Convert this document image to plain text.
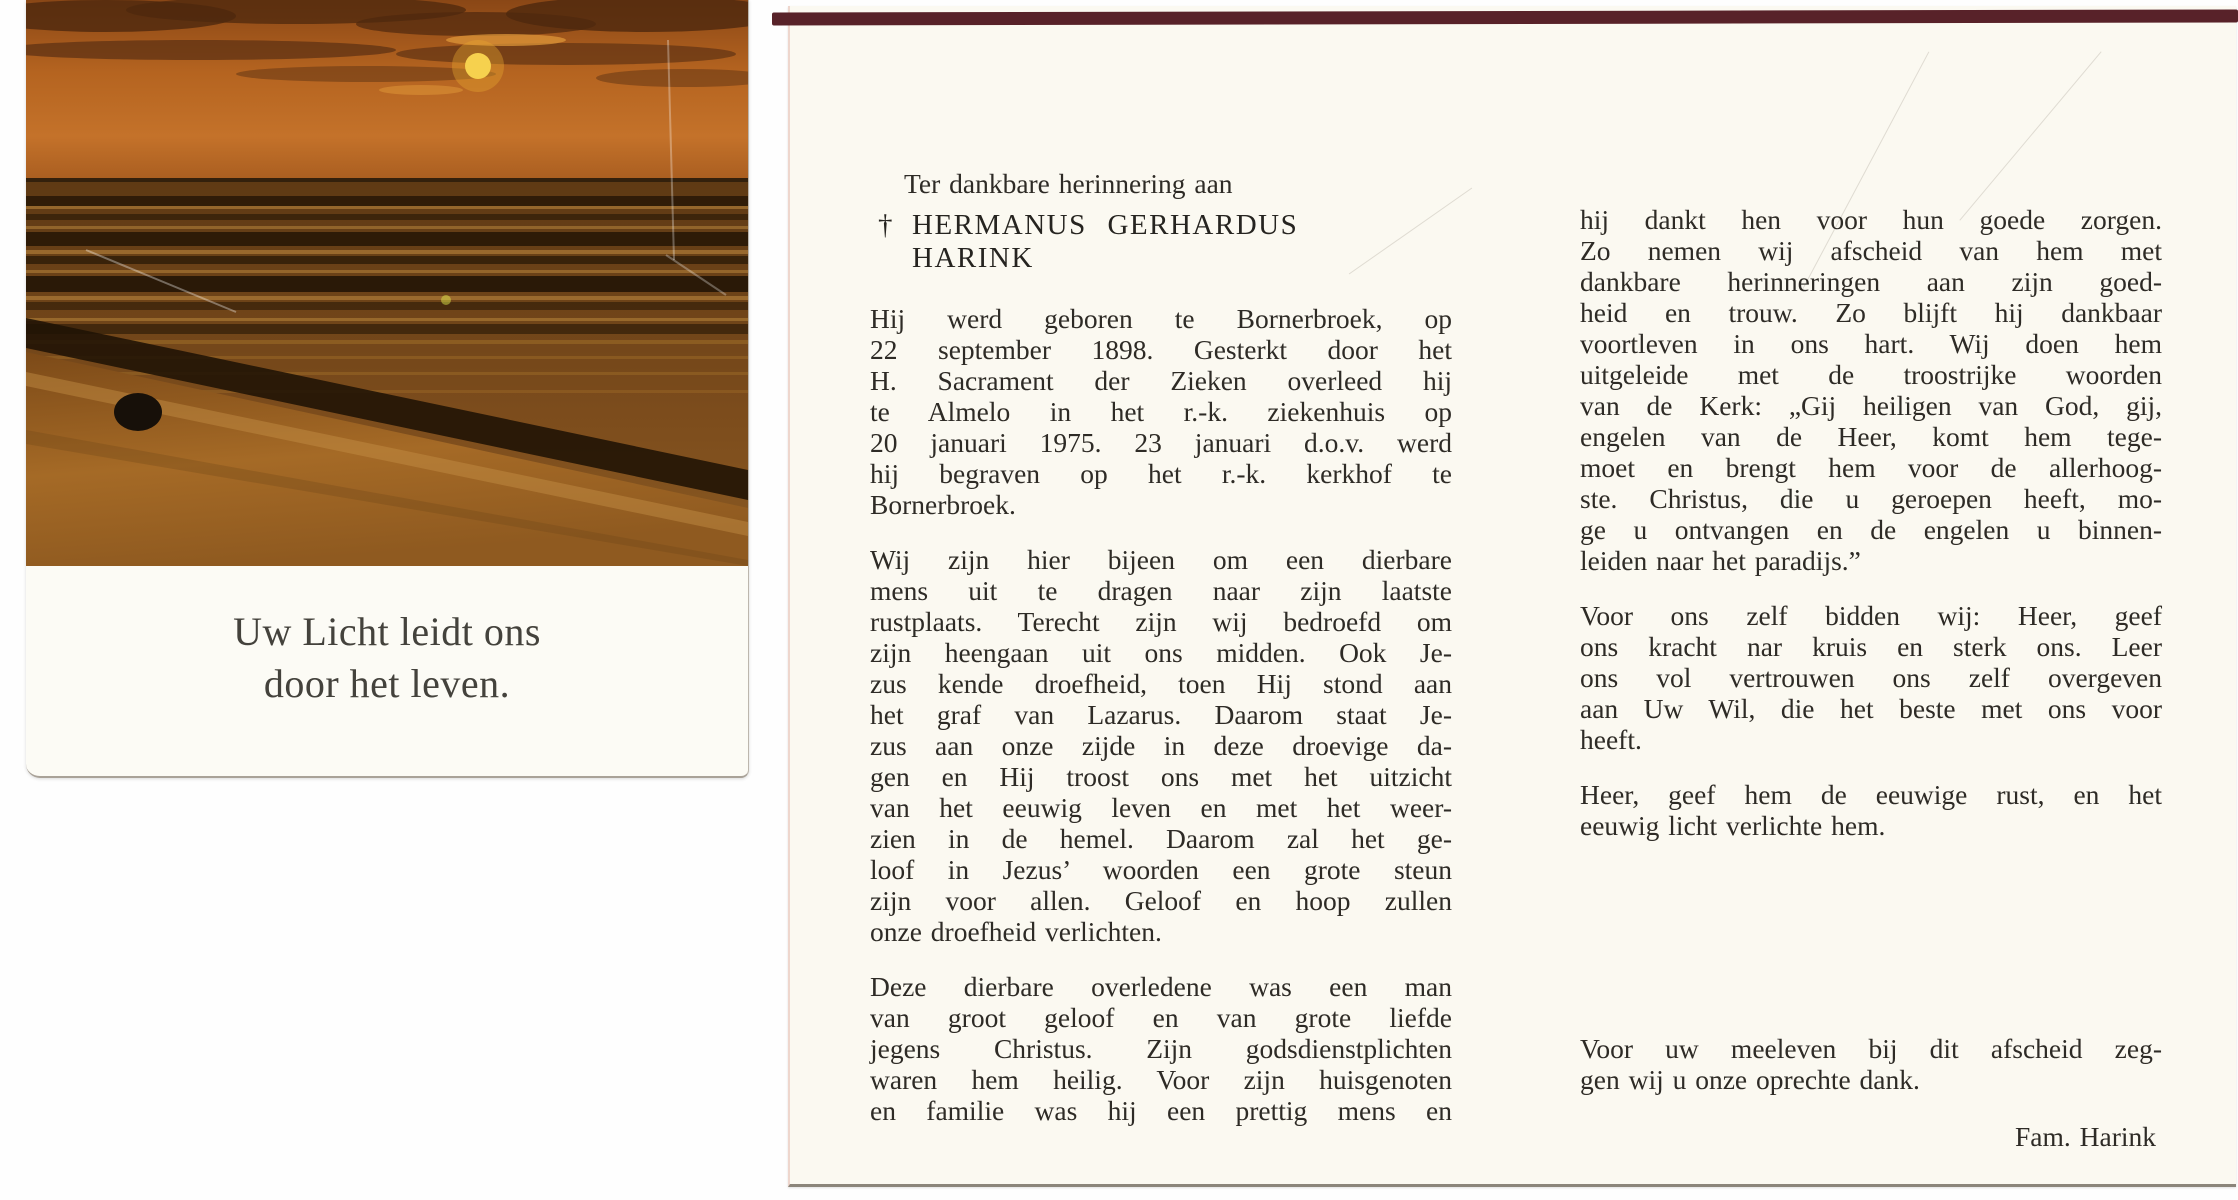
Uw Licht leidt ons
door het leven.
Ter dankbare herinnering aan
† HERMANUS GERHARDUS
HARINK
Hij werd geboren te Bornerbroek, op
22 september 1898. Gesterkt door het
H. Sacrament der Zieken overleed hij
te Almelo in het r.-k. ziekenhuis op
20 januari 1975. 23 januari d.o.v. werd
hij begraven op het r.-k. kerkhof te
Bornerbroek.
Wij zijn hier bijeen om een dierbare
mens uit te dragen naar zijn laatste
rustplaats. Terecht zijn wij bedroefd om
zijn heengaan uit ons midden. Ook Je-
zus kende droefheid, toen Hij stond aan
het graf van Lazarus. Daarom staat Je-
zus aan onze zijde in deze droevige da-
gen en Hij troost ons met het uitzicht
van het eeuwig leven en met het weer-
zien in de hemel. Daarom zal het ge-
loof in Jezus’ woorden een grote steun
zijn voor allen. Geloof en hoop zullen
onze droefheid verlichten.
Deze dierbare overledene was een man
van groot geloof en van grote liefde
jegens Christus. Zijn godsdienstplichten
waren hem heilig. Voor zijn huisgenoten
en familie was hij een prettig mens en
hij dankt hen voor hun goede zorgen.
Zo nemen wij afscheid van hem met
dankbare herinneringen aan zijn goed-
heid en trouw. Zo blijft hij dankbaar
voortleven in ons hart. Wij doen hem
uitgeleide met de troostrijke woorden
van de Kerk: „Gij heiligen van God, gij,
engelen van de Heer, komt hem tege-
moet en brengt hem voor de allerhoog-
ste. Christus, die u geroepen heeft, mo-
ge u ontvangen en de engelen u binnen-
leiden naar het paradijs.”
Voor ons zelf bidden wij: Heer, geef
ons kracht nar kruis en sterk ons. Leer
ons vol vertrouwen ons zelf overgeven
aan Uw Wil, die het beste met ons voor
heeft.
Heer, geef hem de eeuwige rust, en het
eeuwig licht verlichte hem.
Voor uw meeleven bij dit afscheid zeg-
gen wij u onze oprechte dank.
Fam. Harink
